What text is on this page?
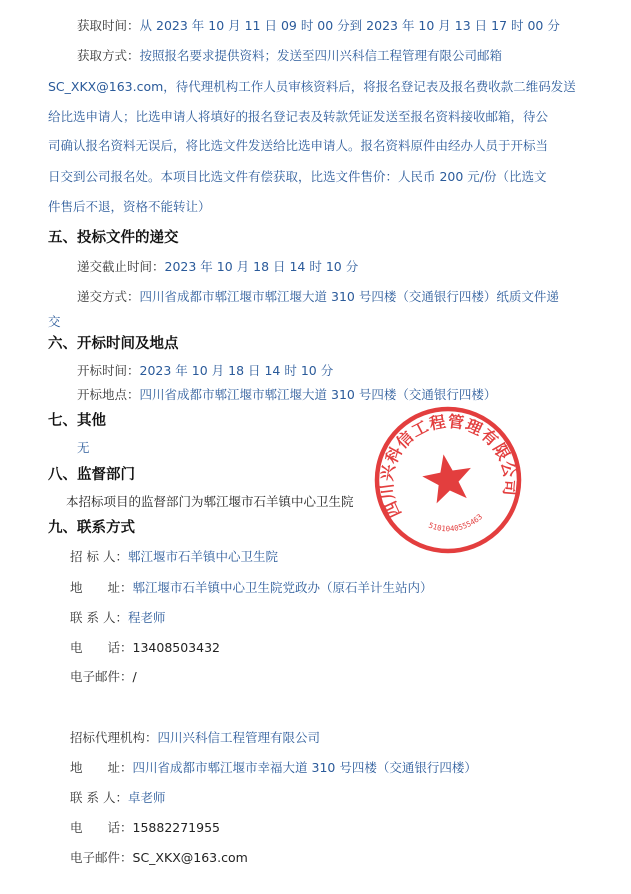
获取时间：从 2023 年 10 月 11 日 09 时 00 分到 2023 年 10 月 13 日 17 时 00 分
获取方式：按照报名要求提供资料；发送至四川兴科信工程管理有限公司邮箱
SC_XKX@163.com，待代理机构工作人员审核资料后，将报名登记表及报名费收款二维码发送
给比选申请人；比选申请人将填好的报名登记表及转款凭证发送至报名资料接收邮箱，待公
司确认报名资料无误后，将比选文件发送给比选申请人。报名资料原件由经办人员于开标当
日交到公司报名处。本项目比选文件有偿获取，比选文件售价：人民币 200 元/份（比选文
件售后不退，资格不能转让）
五、投标文件的递交
递交截止时间：2023 年 10 月 18 日 14 时 10 分
递交方式：四川省成都市郫江堰市郫江堰大道 310 号四楼（交通银行四楼）纸质文件递
交
六、开标时间及地点
开标时间：2023 年 10 月 18 日 14 时 10 分
开标地点：四川省成都市郫江堰市郫江堰大道 310 号四楼（交通银行四楼）
七、其他
无
八、监督部门
本招标项目的监督部门为郫江堰市石羊镇中心卫生院
九、联系方式
招 标 人：郫江堰市石羊镇中心卫生院
地　　址：郫江堰市石羊镇中心卫生院党政办（原石羊计生站内）
联 系 人：程老师
电　　话：13408503432
电子邮件：/
招标代理机构：四川兴科信工程管理有限公司
地　　址：四川省成都市郫江堰市幸福大道 310 号四楼（交通银行四楼）
联 系 人：卓老师
电　　话：15882271955
电子邮件：SC_XKX@163.com
四川兴科信工程管理有限公司
5101040555463
